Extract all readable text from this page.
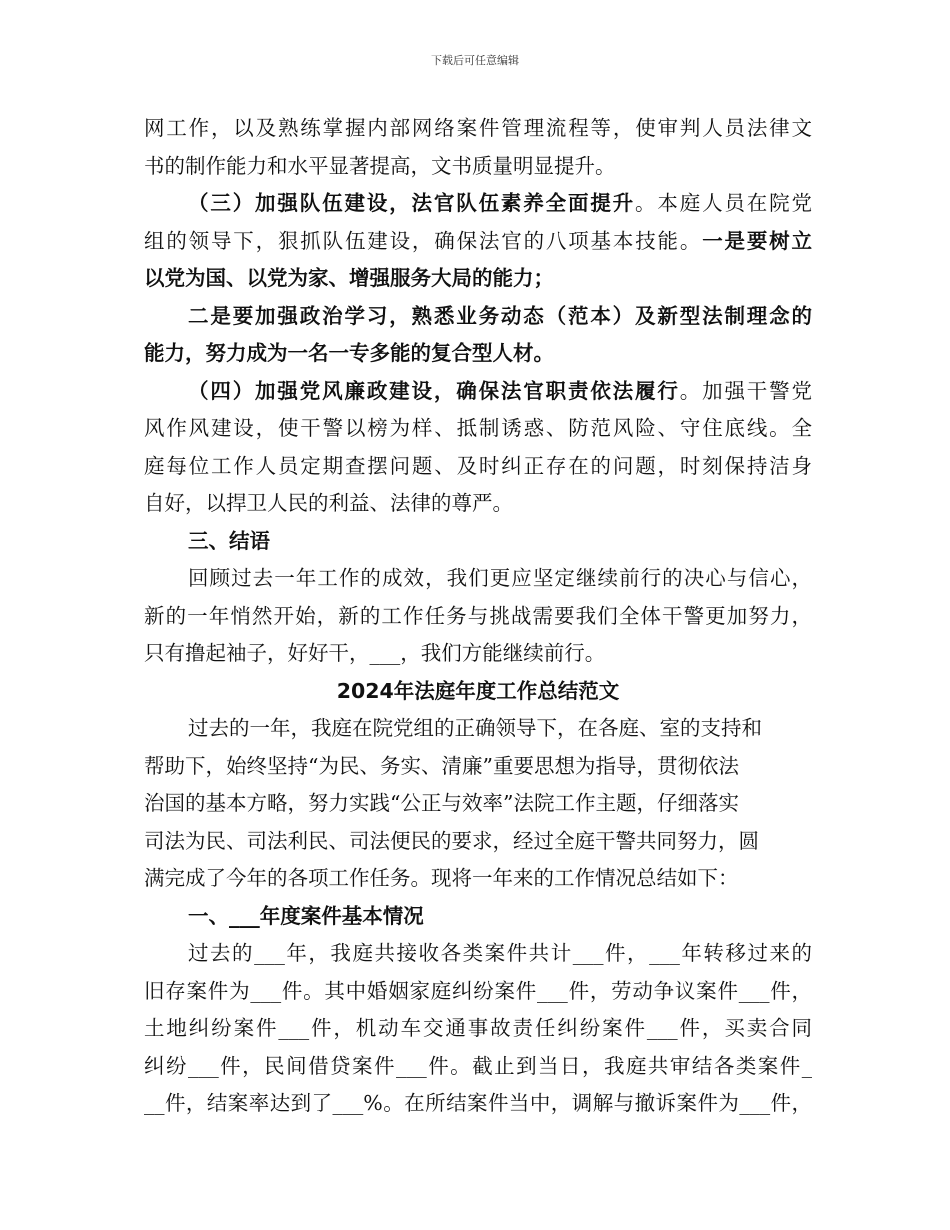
下载后可任意编辑
网工作，以及熟练掌握内部网络案件管理流程等，使审判人员法律文
书的制作能力和水平显著提高，文书质量明显提升。
（三）加强队伍建设，法官队伍素养全面提升。本庭人员在院党
组的领导下，狠抓队伍建设，确保法官的八项基本技能。一是要树立
以党为国、以党为家、增强服务大局的能力；
二是要加强政治学习，熟悉业务动态（范本）及新型法制理念的
能力，努力成为一名一专多能的复合型人材。
（四）加强党风廉政建设，确保法官职责依法履行。加强干警党
风作风建设，使干警以榜为样、抵制诱惑、防范风险、守住底线。全
庭每位工作人员定期查摆问题、及时纠正存在的问题，时刻保持洁身
自好，以捍卫人民的利益、法律的尊严。
三、结语
回顾过去一年工作的成效，我们更应坚定继续前行的决心与信心，
新的一年悄然开始，新的工作任务与挑战需要我们全体干警更加努力，
只有撸起袖子，好好干，___，我们方能继续前行。
2024年法庭年度工作总结范文
过去的一年，我庭在院党组的正确领导下，在各庭、室的支持和
帮助下，始终坚持“为民、务实、清廉”重要思想为指导，贯彻依法
治国的基本方略，努力实践“公正与效率”法院工作主题，仔细落实
司法为民、司法利民、司法便民的要求，经过全庭干警共同努力，圆
满完成了今年的各项工作任务。现将一年来的工作情况总结如下：
一、___年度案件基本情况
过去的___年，我庭共接收各类案件共计___件，___年转移过来的
旧存案件为___件。其中婚姻家庭纠纷案件___件，劳动争议案件___件，
土地纠纷案件___件，机动车交通事故责任纠纷案件___件，买卖合同
纠纷___件，民间借贷案件___件。截止到当日，我庭共审结各类案件_
__件，结案率达到了___%。在所结案件当中，调解与撤诉案件为___件，
